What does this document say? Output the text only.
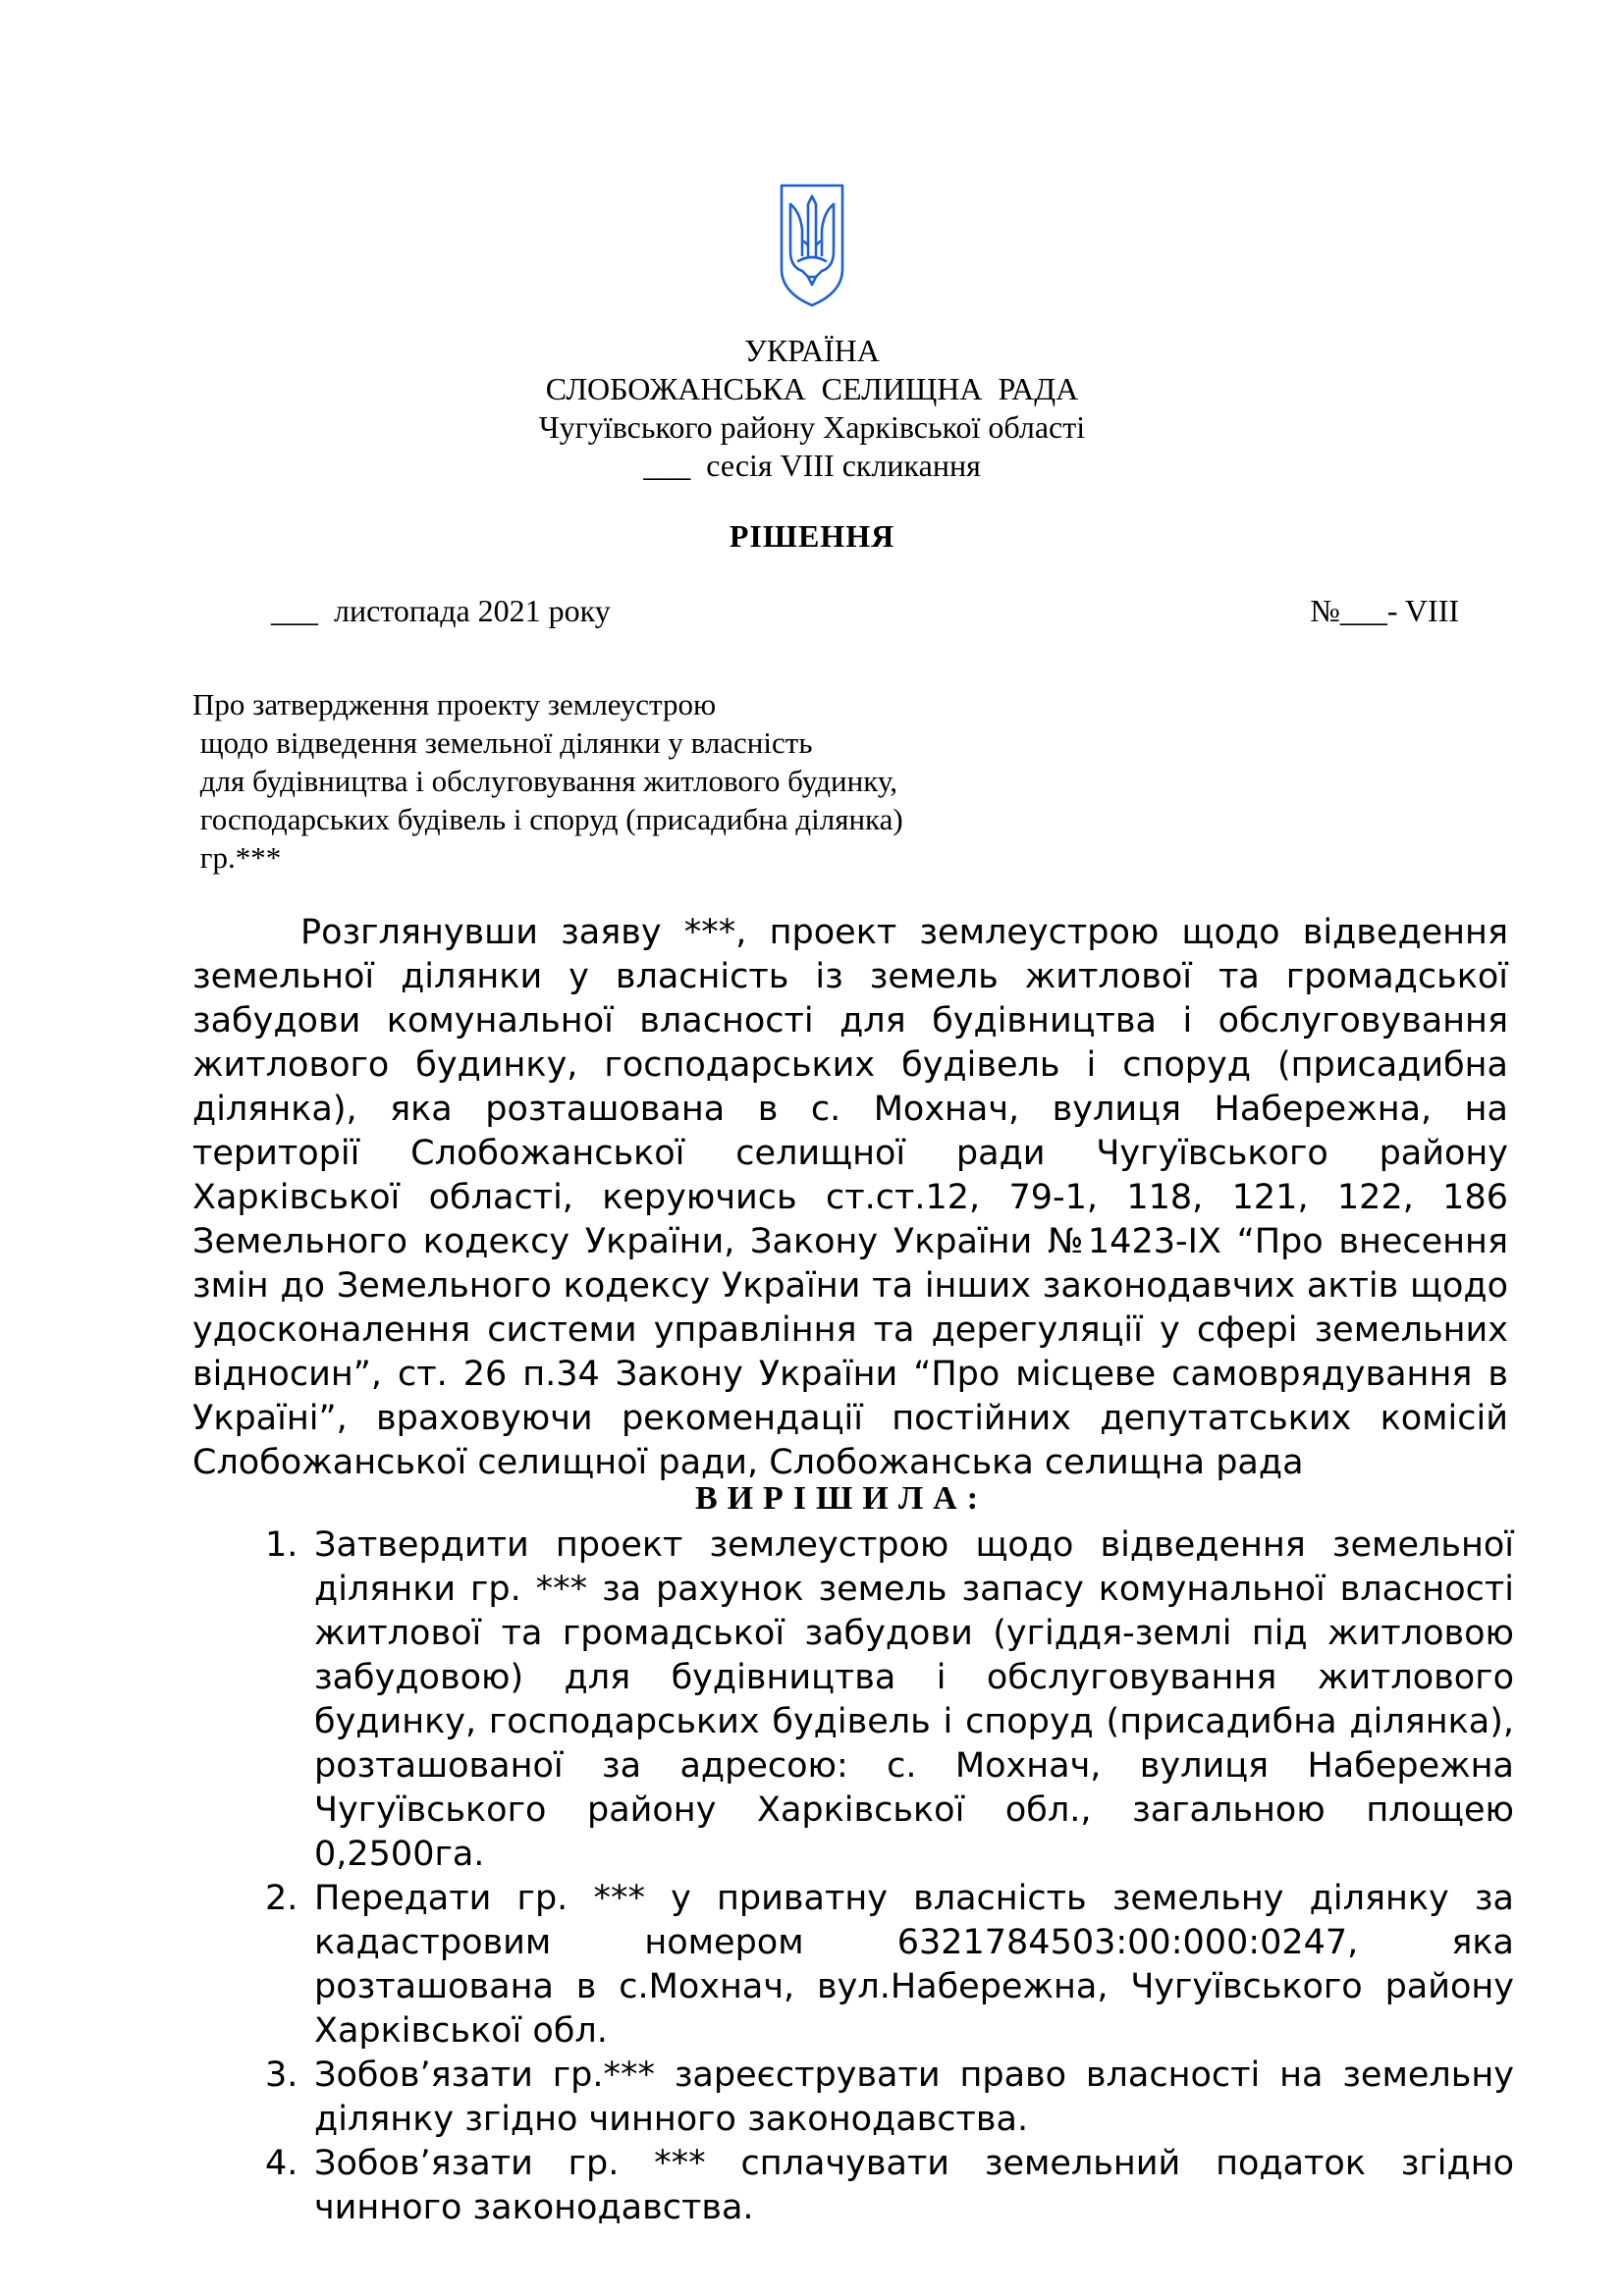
УКРАЇНА
СЛОБОЖАНСЬКА  СЕЛИЩНА  РАДА
Чугуївського району Харківської області
___  сесія VIII скликання
РІШЕННЯ
___  листопада 2021 року	№___- VIII
Про затвердження проекту землеустрою
щодо відведення земельної ділянки у власність
для будівництва і обслуговування житлового будинку,
господарських будівель і споруд (присадибна ділянка)
гр.***

Розглянувши заяву ***, проект землеустрою щодо відведення земельної ділянки у власність із земель житлової та громадської забудови комунальної власності для будівництва і обслуговування житлового будинку, господарських будівель і споруд (присадибна ділянка), яка розташована в с. Мохнач, вулиця Набережна, на території Слобожанської селищної ради Чугуївського району Харківської області, керуючись ст.ст.12, 79-1, 118, 121, 122, 186 Земельного кодексу України, Закону України №1423-IX “Про внесення змін до Земельного кодексу України та інших законодавчих актів щодо удосконалення системи управління та дерегуляції у сфері земельних відносин”, ст. 26 п.34 Закону України “Про місцеве самоврядування в Україні”, враховуючи рекомендації постійних депутатських комісій Слобожанської селищної ради, Слобожанська селищна рада

ВИРІШИЛА:
1. Затвердити проект землеустрою щодо відведення земельної ділянки гр. *** за рахунок земель запасу комунальної власності житлової та громадської забудови (угіддя-землі під житловою забудовою) для будівництва і обслуговування житлового будинку, господарських будівель і споруд (присадибна ділянка), розташованої за адресою: с. Мохнач, вулиця Набережна Чугуївського району Харківської обл., загальною площею 0,2500га.
2. Передати гр. *** у приватну власність земельну ділянку за кадастровим номером 6321784503:00:000:0247, яка розташована в с.Мохнач, вул.Набережна, Чугуївського району Харківської обл.
3. Зобов’язати гр.*** зареєструвати право власності на земельну ділянку згідно чинного законодавства.
4. Зобов’язати гр. *** сплачувати земельний податок згідно чинного законодавства.
